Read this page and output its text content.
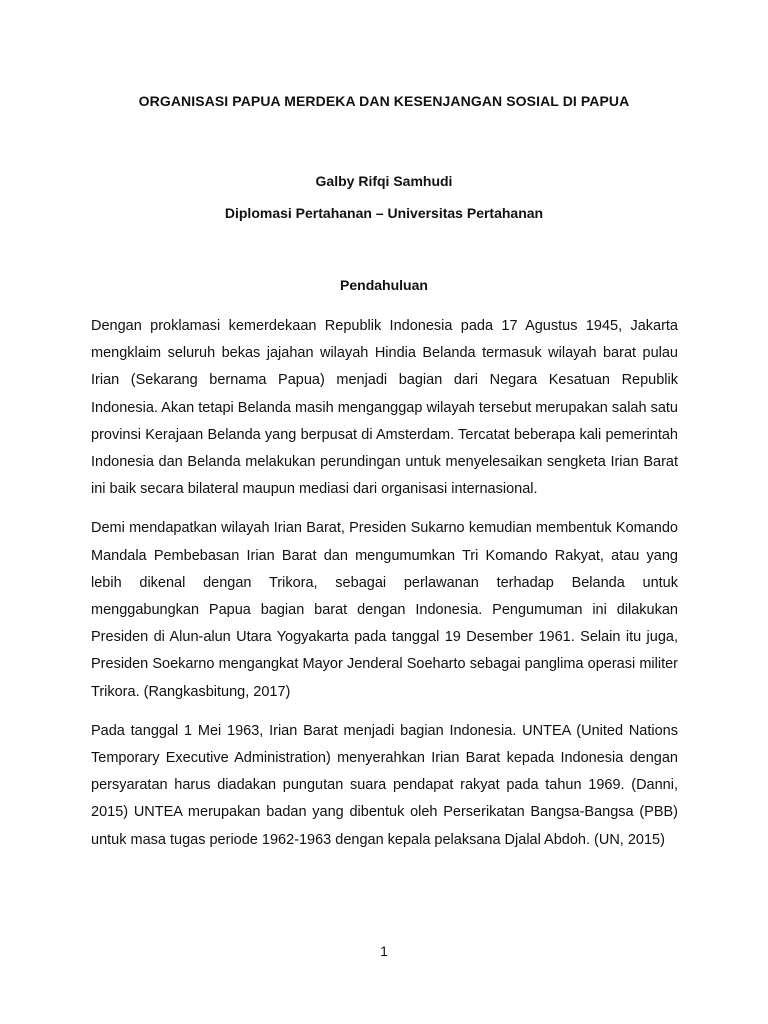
ORGANISASI PAPUA MERDEKA DAN KESENJANGAN SOSIAL DI PAPUA
Galby Rifqi Samhudi
Diplomasi Pertahanan – Universitas Pertahanan
Pendahuluan

Dengan proklamasi kemerdekaan Republik Indonesia pada 17 Agustus 1945, Jakarta mengklaim seluruh bekas jajahan wilayah Hindia Belanda termasuk wilayah barat pulau Irian (Sekarang bernama Papua) menjadi bagian dari Negara Kesatuan Republik Indonesia. Akan tetapi Belanda masih menganggap wilayah tersebut merupakan salah satu provinsi Kerajaan Belanda yang berpusat di Amsterdam. Tercatat beberapa kali pemerintah Indonesia dan Belanda melakukan perundingan untuk menyelesaikan sengketa Irian Barat ini baik secara bilateral maupun mediasi dari organisasi internasional.

Demi mendapatkan wilayah Irian Barat, Presiden Sukarno kemudian membentuk Komando Mandala Pembebasan Irian Barat dan mengumumkan Tri Komando Rakyat, atau yang lebih dikenal dengan Trikora, sebagai perlawanan terhadap Belanda untuk menggabungkan Papua bagian barat dengan Indonesia. Pengumuman ini dilakukan Presiden di Alun-alun Utara Yogyakarta pada tanggal 19 Desember 1961. Selain itu juga, Presiden Soekarno mengangkat Mayor Jenderal Soeharto sebagai panglima operasi militer Trikora. (Rangkasbitung, 2017)

Pada tanggal 1 Mei 1963, Irian Barat menjadi bagian Indonesia. UNTEA (United Nations Temporary Executive Administration) menyerahkan Irian Barat kepada Indonesia dengan persyaratan harus diadakan pungutan suara pendapat rakyat pada tahun 1969. (Danni, 2015) UNTEA merupakan badan yang dibentuk oleh Perserikatan Bangsa-Bangsa (PBB) untuk masa tugas periode 1962-1963 dengan kepala pelaksana Djalal Abdoh. (UN, 2015)

1
